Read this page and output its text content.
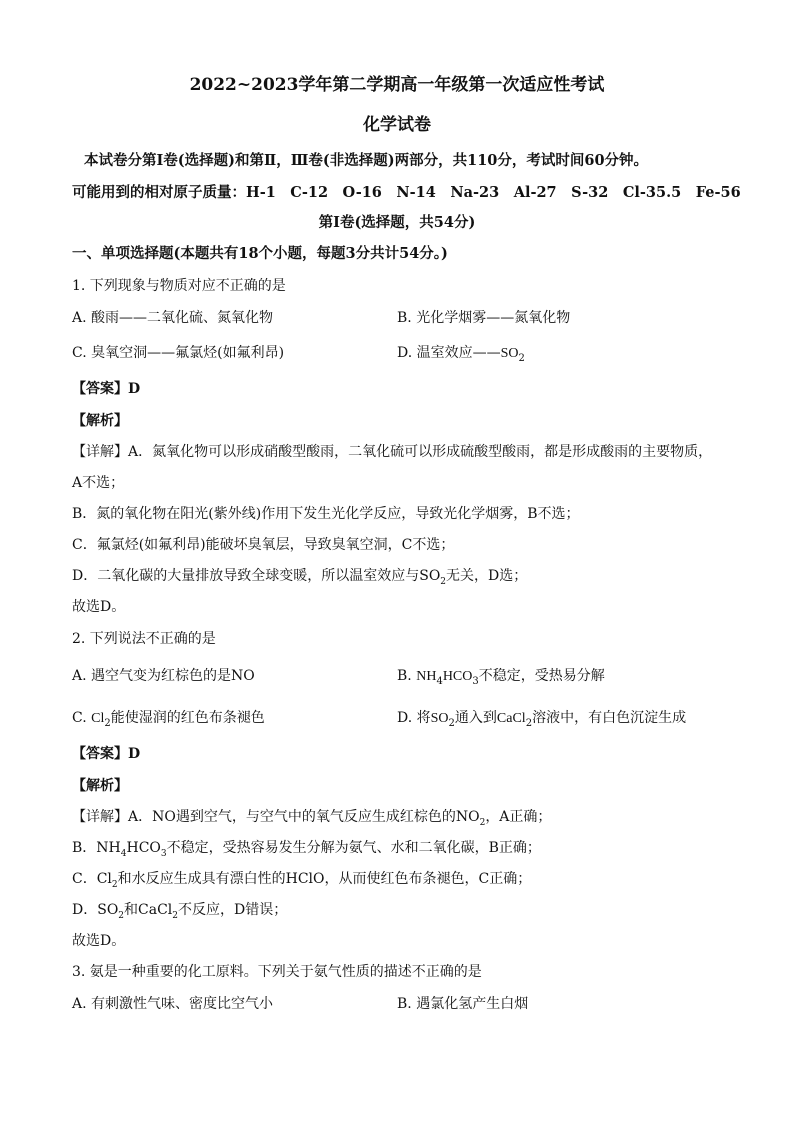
2022~2023学年第二学期高一年级第一次适应性考试
化学试卷
本试卷分第Ⅰ卷(选择题)和第Ⅱ，Ⅲ卷(非选择题)两部分，共110分，考试时间60分钟。
可能用到的相对原子质量：H-1　C-12　O-16　N-14　Na-23　Al-27　S-32　Cl-35.5　Fe-56
第Ⅰ卷(选择题，共54分)
一、单项选择题(本题共有18个小题，每题3分共计54分。)
1. 下列现象与物质对应不正确的是
A. 酸雨——二氧化硫、氮氧化物	B. 光化学烟雾——氮氧化物
C. 臭氧空洞——氟氯烃(如氟利昂)	D. 温室效应$——SO_2$
【答案】D
【解析】
【详解】A．氮氧化物可以形成硝酸型酸雨，二氧化硫可以形成硫酸型酸雨，都是形成酸雨的主要物质，
A不选；
B．氮的氧化物在阳光(紫外线)作用下发生光化学反应，导致光化学烟雾，B不选；
C．氟氯烃(如氟利昂)能破坏臭氧层，导致臭氧空洞，C不选；
D．二氧化碳的大量排放导致全球变暖，所以温室效应与$SO_2$无关，D选；
故选D。
2. 下列说法不正确的是
A. 遇空气变为红棕色的是NO	B. $NH_4HCO_3$不稳定，受热易分解
C. $Cl_2$能使湿润的红色布条褪色	D. 将$SO_2$通入到CaCl$_2$溶液中，有白色沉淀生成
【答案】D
【解析】
【详解】A．NO遇到空气，与空气中的氧气反应生成红棕色的$NO_2$，A正确；
B．$NH_4HCO_3$不稳定，受热容易发生分解为氨气、水和二氧化碳，B正确；
C．$Cl_2$和水反应生成具有漂白性的HClO，从而使红色布条褪色，C正确；
D．$SO_2$和CaCl$_2$不反应，D错误；
故选D。
3. 氨是一种重要的化工原料。下列关于氨气性质的描述不正确的是
A. 有刺激性气味、密度比空气小	B. 遇氯化氢产生白烟
